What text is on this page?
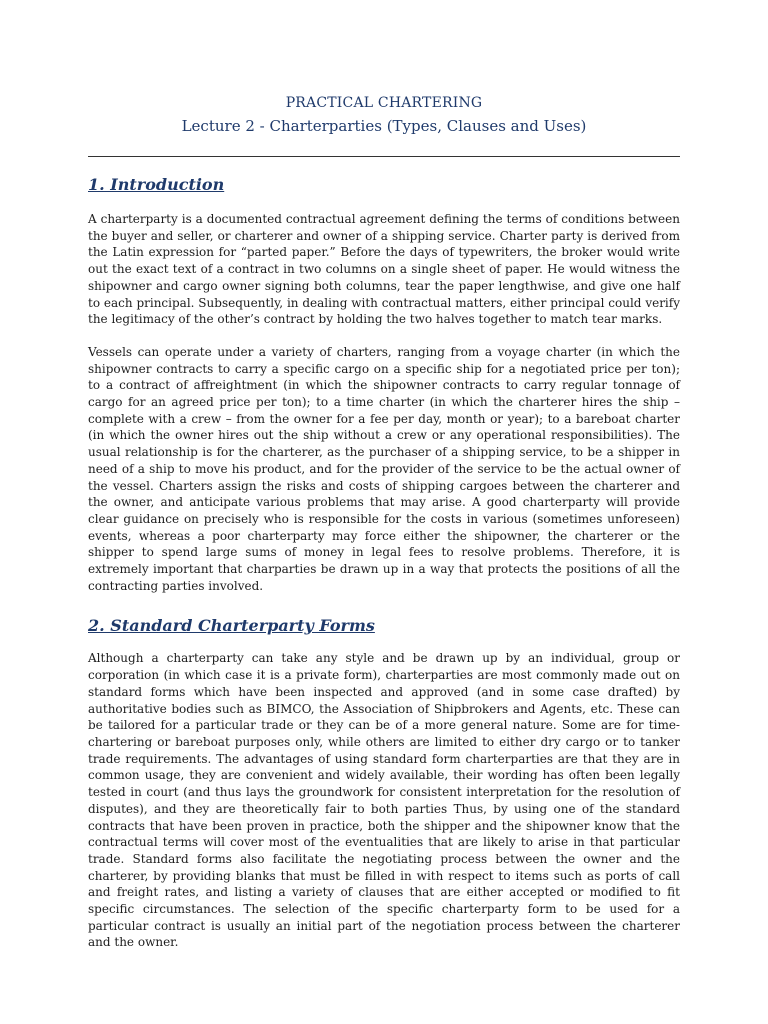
PRACTICAL CHARTERING
Lecture 2 - Charterparties (Types, Clauses and Uses)
1. Introduction

A charterparty is a documented contractual agreement defining the terms of conditions between the buyer and seller, or charterer and owner of a shipping service. Charter party is derived from the Latin expression for “parted paper.” Before the days of typewriters, the broker would write out the exact text of a contract in two columns on a single sheet of paper. He would witness the shipowner and cargo owner signing both columns, tear the paper lengthwise, and give one half to each principal. Subsequently, in dealing with contractual matters, either principal could verify the legitimacy of the other’s contract by holding the two halves together to match tear marks.

Vessels can operate under a variety of charters, ranging from a voyage charter (in which the shipowner contracts to carry a specific cargo on a specific ship for a negotiated price per ton); to a contract of affreightment (in which the shipowner contracts to carry regular tonnage of cargo for an agreed price per ton); to a time charter (in which the charterer hires the ship – complete with a crew – from the owner for a fee per day, month or year); to a bareboat charter (in which the owner hires out the ship without a crew or any operational responsibilities). The usual relationship is for the charterer, as the purchaser of a shipping service, to be a shipper in need of a ship to move his product, and for the provider of the service to be the actual owner of the vessel. Charters assign the risks and costs of shipping cargoes between the charterer and the owner, and anticipate various problems that may arise. A good charterparty will provide clear guidance on precisely who is responsible for the costs in various (sometimes unforeseen) events, whereas a poor charterparty may force either the shipowner, the charterer or the shipper to spend large sums of money in legal fees to resolve problems. Therefore, it is extremely important that charparties be drawn up in a way that protects the positions of all the contracting parties involved.

2. Standard Charterparty Forms

Although a charterparty can take any style and be drawn up by an individual, group or corporation (in which case it is a private form), charterparties are most commonly made out on standard forms which have been inspected and approved (and in some case drafted) by authoritative bodies such as BIMCO, the Association of Shipbrokers and Agents, etc. These can be tailored for a particular trade or they can be of a more general nature. Some are for time-chartering or bareboat purposes only, while others are limited to either dry cargo or to tanker trade requirements. The advantages of using standard form charterparties are that they are in common usage, they are convenient and widely available, their wording has often been legally tested in court (and thus lays the groundwork for consistent interpretation for the resolution of disputes), and they are theoretically fair to both parties Thus, by using one of the standard contracts that have been proven in practice, both the shipper and the shipowner know that the contractual terms will cover most of the eventualities that are likely to arise in that particular trade. Standard forms also facilitate the negotiating process between the owner and the charterer, by providing blanks that must be filled in with respect to items such as ports of call and freight rates, and listing a variety of clauses that are either accepted or modified to fit specific circumstances. The selection of the specific charterparty form to be used for a particular contract is usually an initial part of the negotiation process between the charterer and the owner.
